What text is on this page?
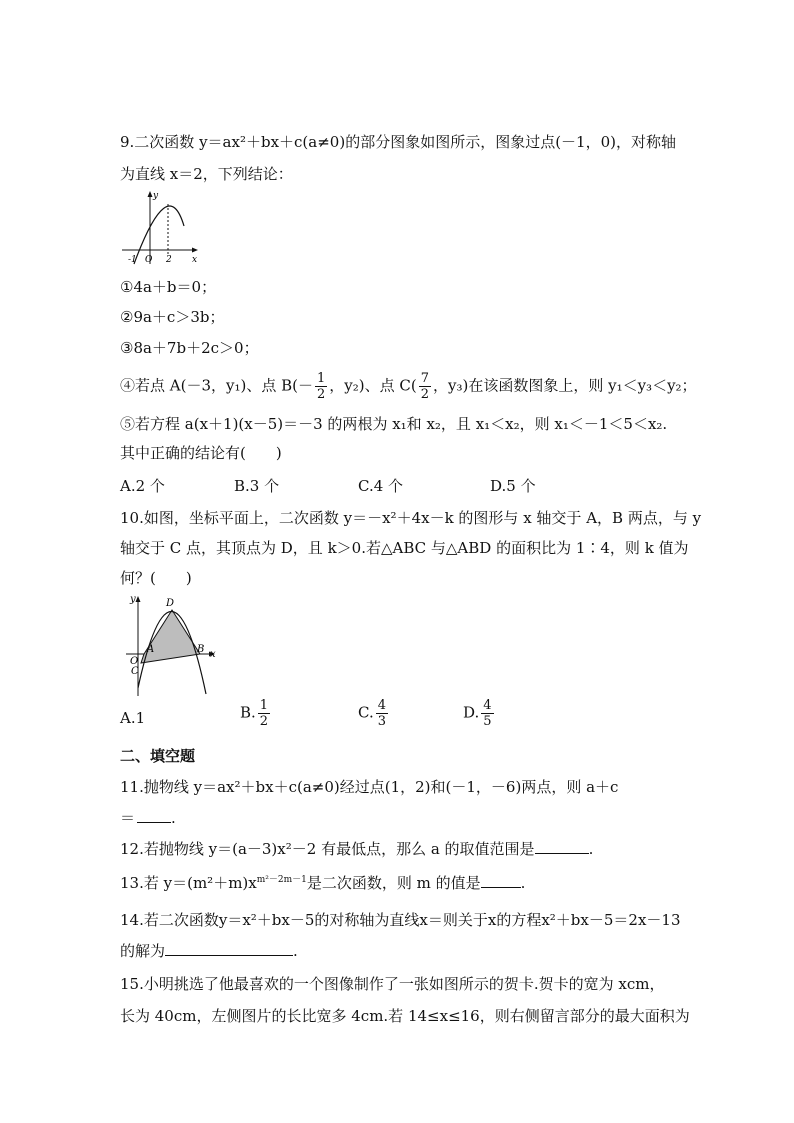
9.二次函数 y＝ax²＋bx＋c(a≠0)的部分图象如图所示，图象过点(－1，0)，对称轴
为直线 x＝2，下列结论：
y
x
O
-1	2
①4a＋b＝0；
②9a＋c＞3b；
③8a＋7b＋2c＞0；
④若点 A(－3，y₁)、点 $B(- \frac{1}{2}$ ，y₂)、点 $C( \frac{7}{2}$ ，y₃)在该函数图象上，则 y₁＜y₃＜y₂；
⑤若方程 a(x＋1)(x－5)＝－3 的两根为 x₁和 x₂，且 x₁＜x₂，则 x₁＜－1＜5＜x₂.
其中正确的结论有(　　)
A.2 个	B.3 个	C.4 个	D.5 个
10.如图，坐标平面上，二次函数 y＝－x²＋4x－k 的图形与 x 轴交于 A，B 两点，与 y
轴交于 C 点，其顶点为 D，且 k＞0.若△ABC 与△ABD 的面积比为 1∶4，则 k 值为
何？(　　)
y
x
D
A	B
O
C
A.1	B. $\frac{1}{2}$	C. $\frac{4}{3}$	D. $\frac{4}{5}$
二、填空题
11.抛物线 y＝ax²＋bx＋c(a≠0)经过点(1，2)和(－1，－6)两点，则 a＋c
＝ .
12.若抛物线 y＝(a－3)x²－2 有最低点，那么 a 的取值范围是	.
13.若 $y=(m^2+m)x^{m^2-2m-1}$是二次函数，则 m 的值是	.
14.若二次函数y＝x²＋bx－5的对称轴为直线x＝则关于x的方程x²＋bx－5＝2x－13
的解为	.
15.小明挑选了他最喜欢的一个图像制作了一张如图所示的贺卡.贺卡的宽为 xcm，
长为 40cm，左侧图片的长比宽多 4cm.若 14≤x≤16，则右侧留言部分的最大面积为
